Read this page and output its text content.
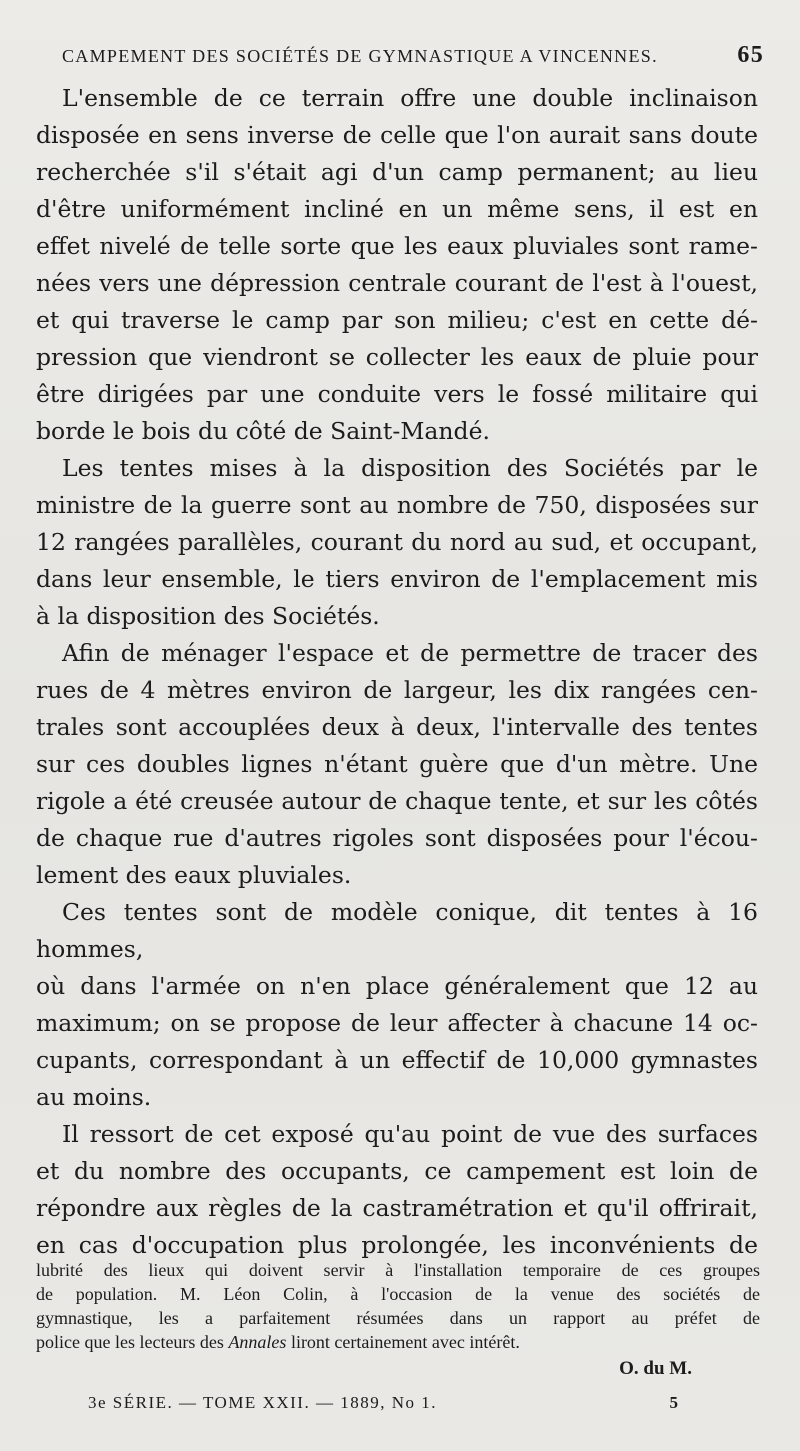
CAMPEMENT DES SOCIÉTÉS DE GYMNASTIQUE A VINCENNES.	65

L'ensemble de ce terrain offre une double inclinaison
disposée en sens inverse de celle que l'on aurait sans doute
recherchée s'il s'était agi d'un camp permanent; au lieu
d'être uniformément incliné en un même sens, il est en
effet nivelé de telle sorte que les eaux pluviales sont rame-
nées vers une dépression centrale courant de l'est à l'ouest,
et qui traverse le camp par son milieu; c'est en cette dé-
pression que viendront se collecter les eaux de pluie pour
être dirigées par une conduite vers le fossé militaire qui
borde le bois du côté de Saint-Mandé.

Les tentes mises à la disposition des Sociétés par le
ministre de la guerre sont au nombre de 750, disposées sur
12 rangées parallèles, courant du nord au sud, et occupant,
dans leur ensemble, le tiers environ de l'emplacement mis
à la disposition des Sociétés.

Afin de ménager l'espace et de permettre de tracer des
rues de 4 mètres environ de largeur, les dix rangées cen-
trales sont accouplées deux à deux, l'intervalle des tentes
sur ces doubles lignes n'étant guère que d'un mètre. Une
rigole a été creusée autour de chaque tente, et sur les côtés
de chaque rue d'autres rigoles sont disposées pour l'écou-
lement des eaux pluviales.

Ces tentes sont de modèle conique, dit tentes à 16 hommes,
où dans l'armée on n'en place généralement que 12 au
maximum; on se propose de leur affecter à chacune 14 oc-
cupants, correspondant à un effectif de 10,000 gymnastes
au moins.

Il ressort de cet exposé qu'au point de vue des surfaces
et du nombre des occupants, ce campement est loin de
répondre aux règles de la castramétration et qu'il offrirait,
en cas d'occupation plus prolongée, les inconvénients de

lubrité des lieux qui doivent servir à l'installation temporaire de ces groupes
de population. M. Léon Colin, à l'occasion de la venue des sociétés de
gymnastique, les a parfaitement résumées dans un rapport au préfet de
police que les lecteurs des Annales liront certainement avec intérêt.
O. du M.
3e SÉRIE. — TOME XXII. — 1889, No 1.	5
